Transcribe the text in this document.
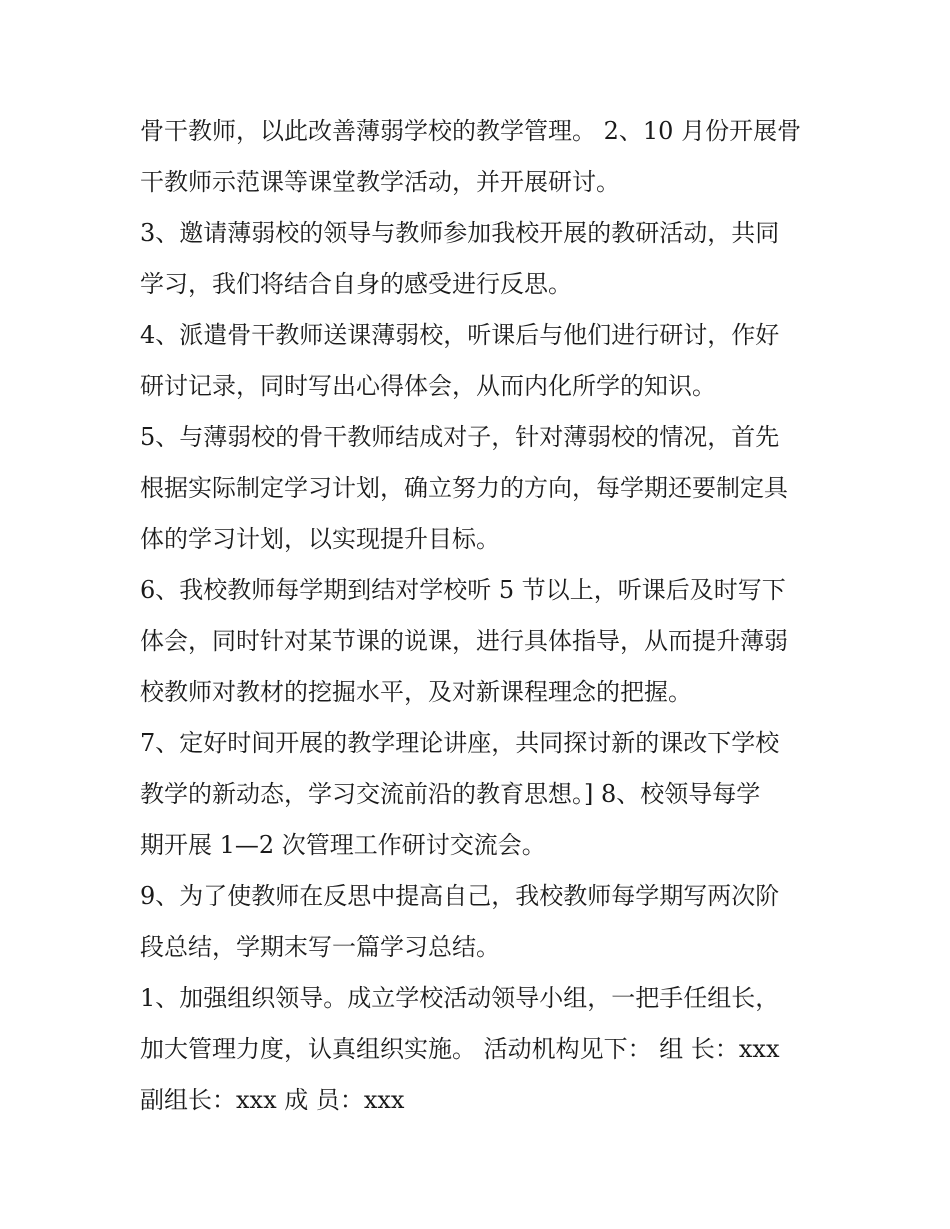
骨干教师，以此改善薄弱学校的教学管理。 2、10 月份开展骨
干教师示范课等课堂教学活动，并开展研讨。
3、邀请薄弱校的领导与教师参加我校开展的教研活动，共同
学习，我们将结合自身的感受进行反思。
4、派遣骨干教师送课薄弱校，听课后与他们进行研讨，作好
研讨记录，同时写出心得体会，从而内化所学的知识。
5、与薄弱校的骨干教师结成对子，针对薄弱校的情况，首先
根据实际制定学习计划，确立努力的方向，每学期还要制定具
体的学习计划，以实现提升目标。
6、我校教师每学期到结对学校听 5 节以上，听课后及时写下
体会，同时针对某节课的说课，进行具体指导，从而提升薄弱
校教师对教材的挖掘水平，及对新课程理念的把握。
7、定好时间开展的教学理论讲座，共同探讨新的课改下学校
教学的新动态，学习交流前沿的教育思想。] 8、校领导每学
期开展 1—2 次管理工作研讨交流会。
9、为了使教师在反思中提高自己，我校教师每学期写两次阶
段总结，学期末写一篇学习总结。
1、加强组织领导。成立学校活动领导小组，一把手任组长，
加大管理力度，认真组织实施。 活动机构见下： 组 长：xxx
副组长：xxx 成 员：xxx
